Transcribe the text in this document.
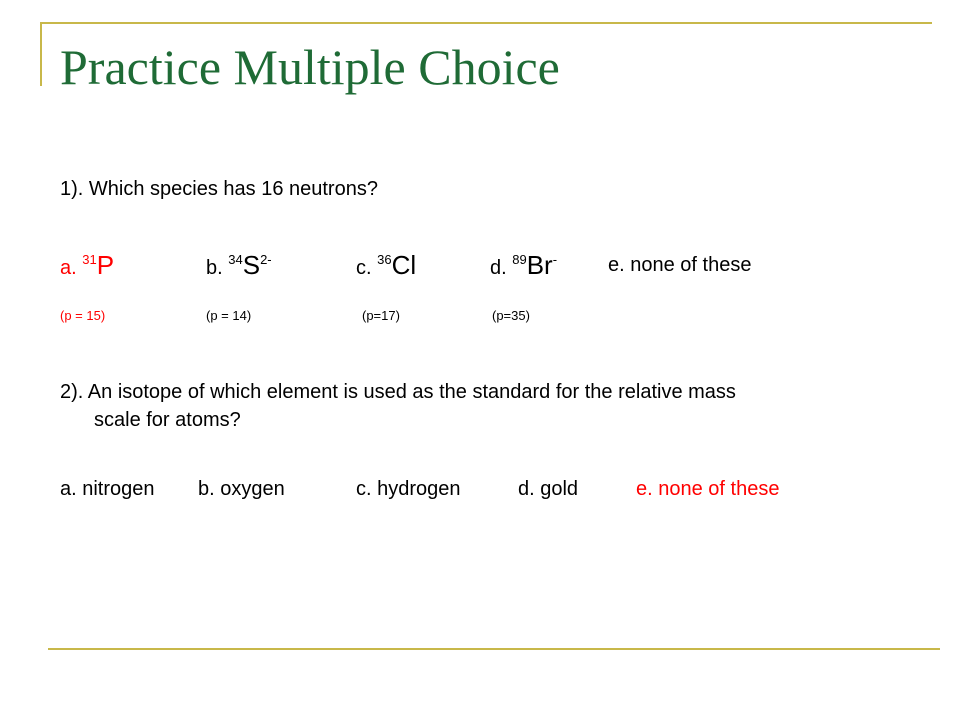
Practice Multiple Choice
1). Which species has 16 neutrons?
a. $^{31}$P	b. $^{34}S^{2-}$	c. $^{36}$Cl	d. $^{89}$Br-	e. none of these
(p = 15)	(p = 14)	(p=17)	(p=35)
2). An isotope of which element is used as the standard for the relative mass
scale for atoms?
a. nitrogen b. oxygen	c. hydrogen	d. gold	e. none of these
